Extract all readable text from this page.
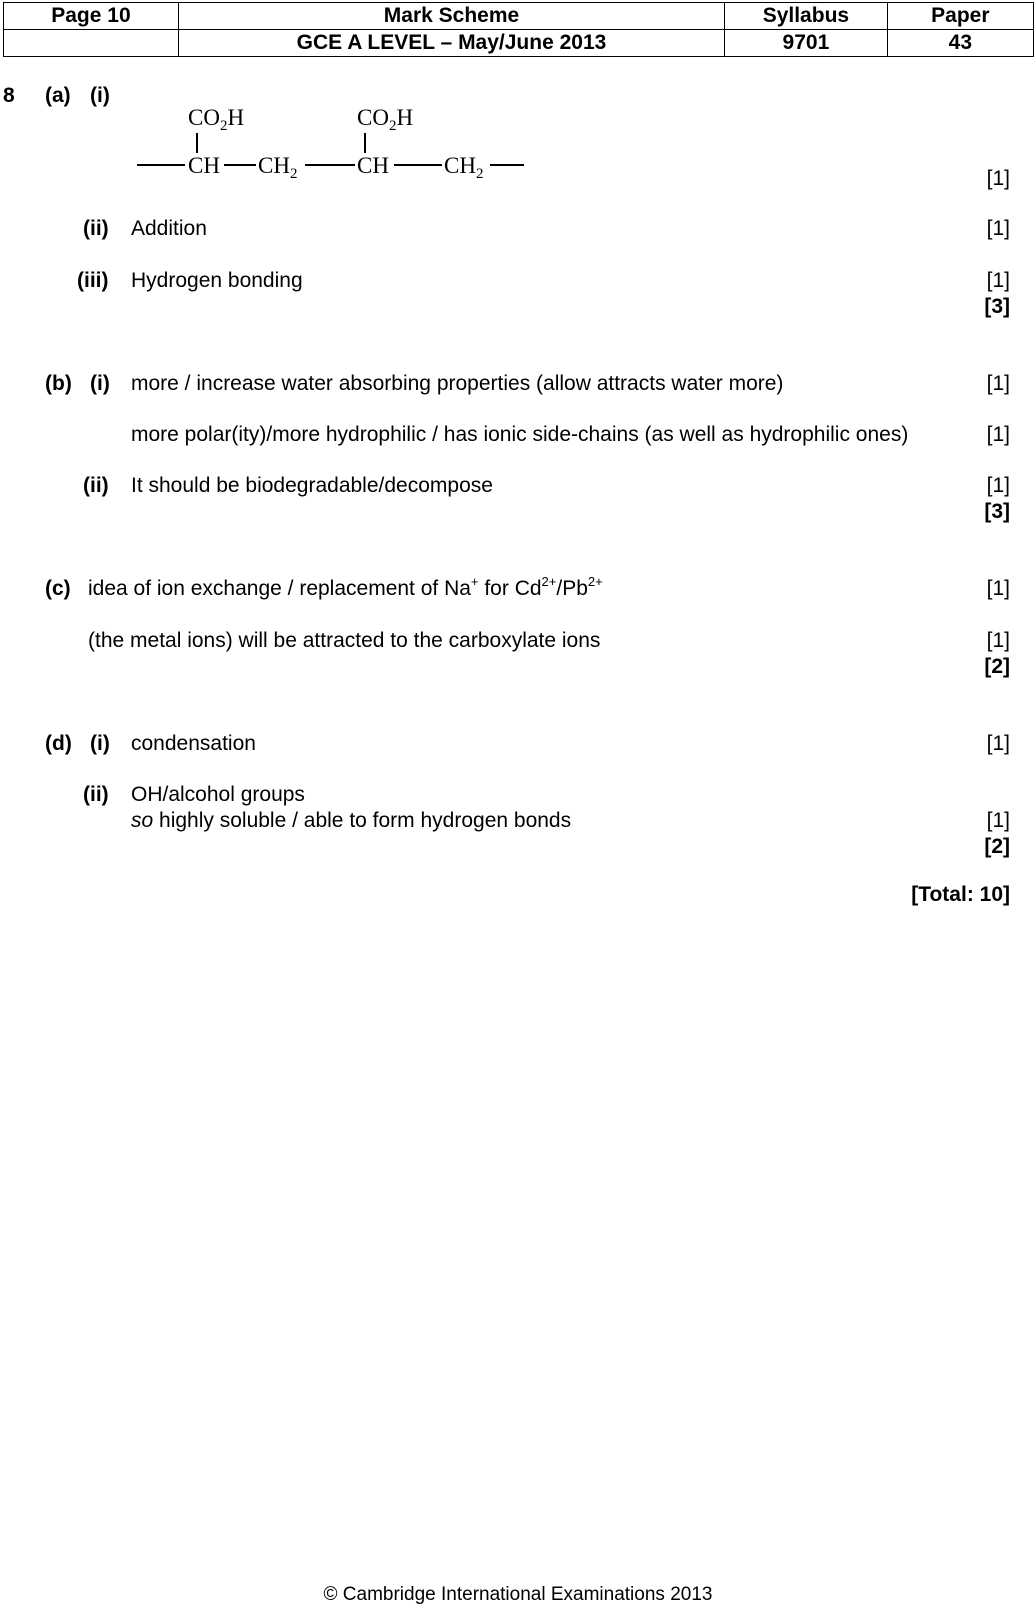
Page 10	Mark Scheme	Syllabus	Paper
	GCE A LEVEL – May/June 2013	9701	43
8 (a) (i)
$CO_2H$	$CO_2H$
CH $CH_2$	CH $CH_2$	[1]
(ii) Addition	[1]
(iii) Hydrogen bonding	[1]
[3]
(b) (i) more / increase water absorbing properties (allow attracts water more)	[1]
more polar(ity)/more hydrophilic / has ionic side-chains (as well as hydrophilic ones)	[1]
(ii) It should be biodegradable/decompose	[1]
[3]
(c) idea of ion exchange / replacement of Na+ for $Cd^{2+}/Pb^{2+}$	[1]
(the metal ions) will be attracted to the carboxylate ions	[1]
[2]
(d) (i) condensation	[1]
(ii) OH/alcohol groups
so highly soluble / able to form hydrogen bonds	[1]
[2]
[Total: 10]
© Cambridge International Examinations 2013
